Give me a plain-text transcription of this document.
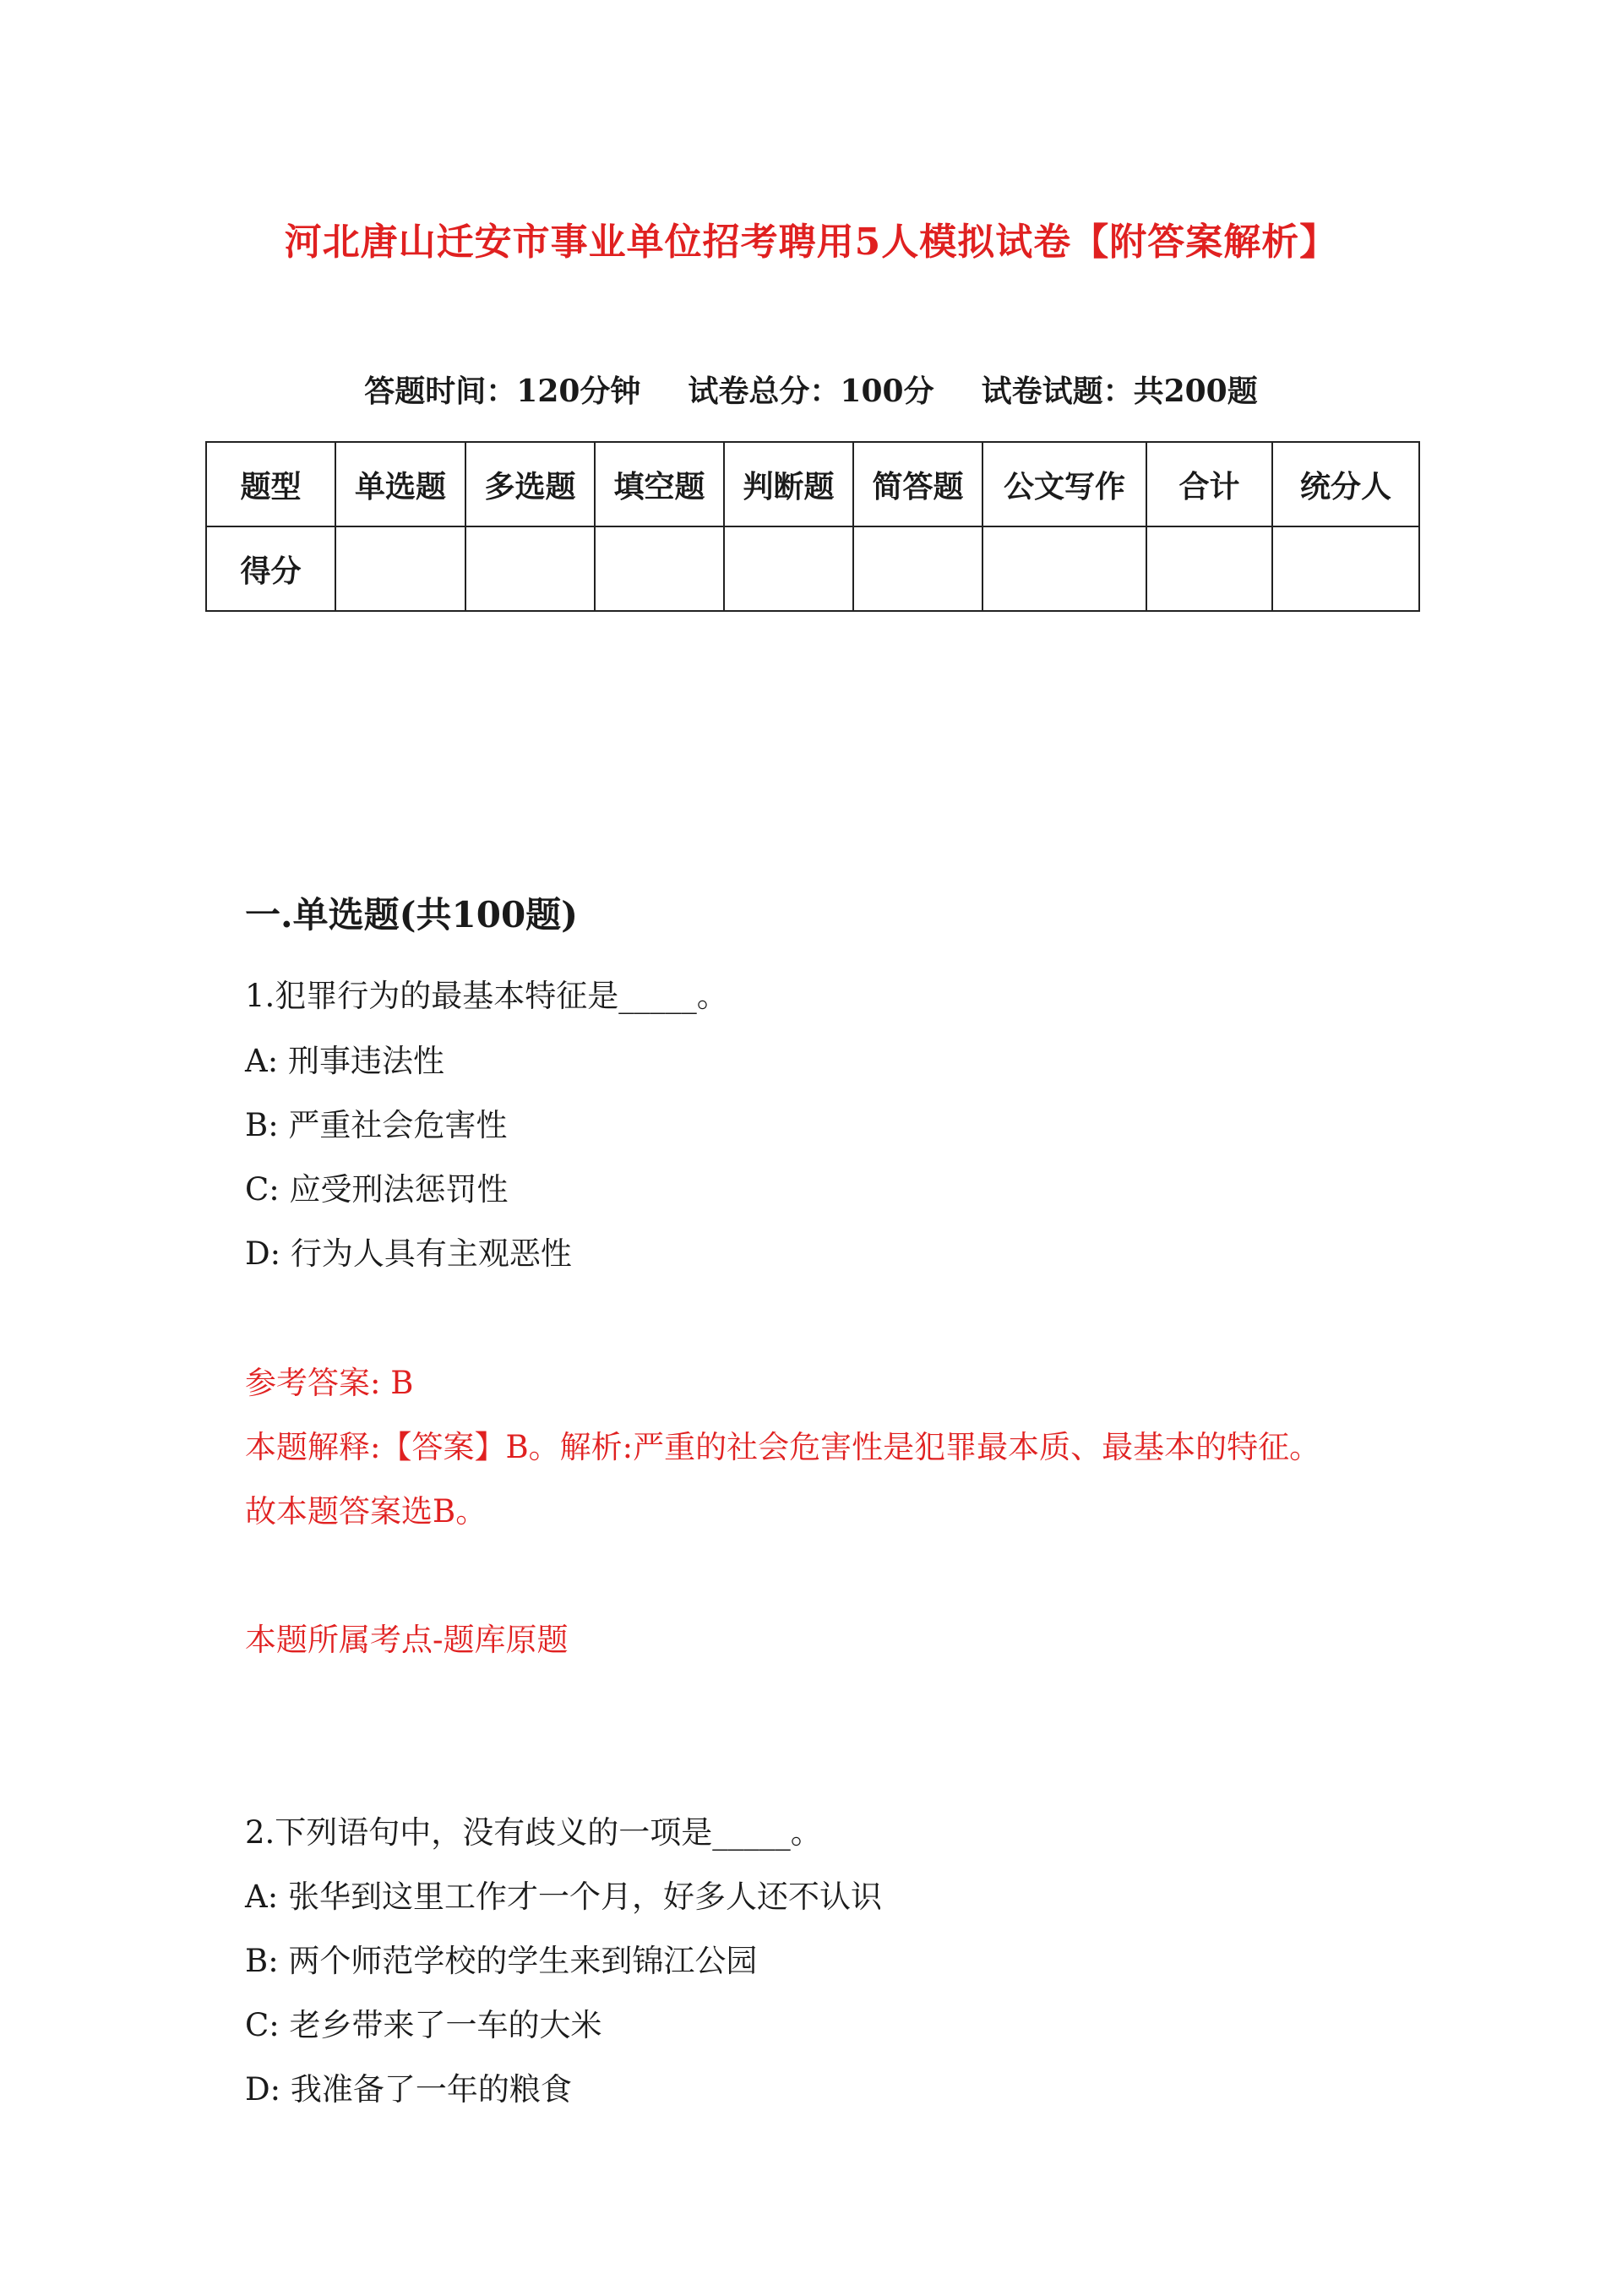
河北唐山迁安市事业单位招考聘用5人模拟试卷【附答案解析】
答题时间：120分钟 试卷总分：100分 试卷试题：共200题
题型	单选题	多选题	填空题	判断题	简答题	公文写作	合计	统分人
得分								
一.单选题(共100题)
1.犯罪行为的最基本特征是_____。
A: 刑事违法性
B: 严重社会危害性
C: 应受刑法惩罚性
D: 行为人具有主观恶性
参考答案: B
本题解释:【答案】B。解析:严重的社会危害性是犯罪最本质、最基本的特征。
故本题答案选B。
本题所属考点-题库原题
2.下列语句中，没有歧义的一项是_____。
A: 张华到这里工作才一个月，好多人还不认识
B: 两个师范学校的学生来到锦江公园
C: 老乡带来了一车的大米
D: 我准备了一年的粮食
